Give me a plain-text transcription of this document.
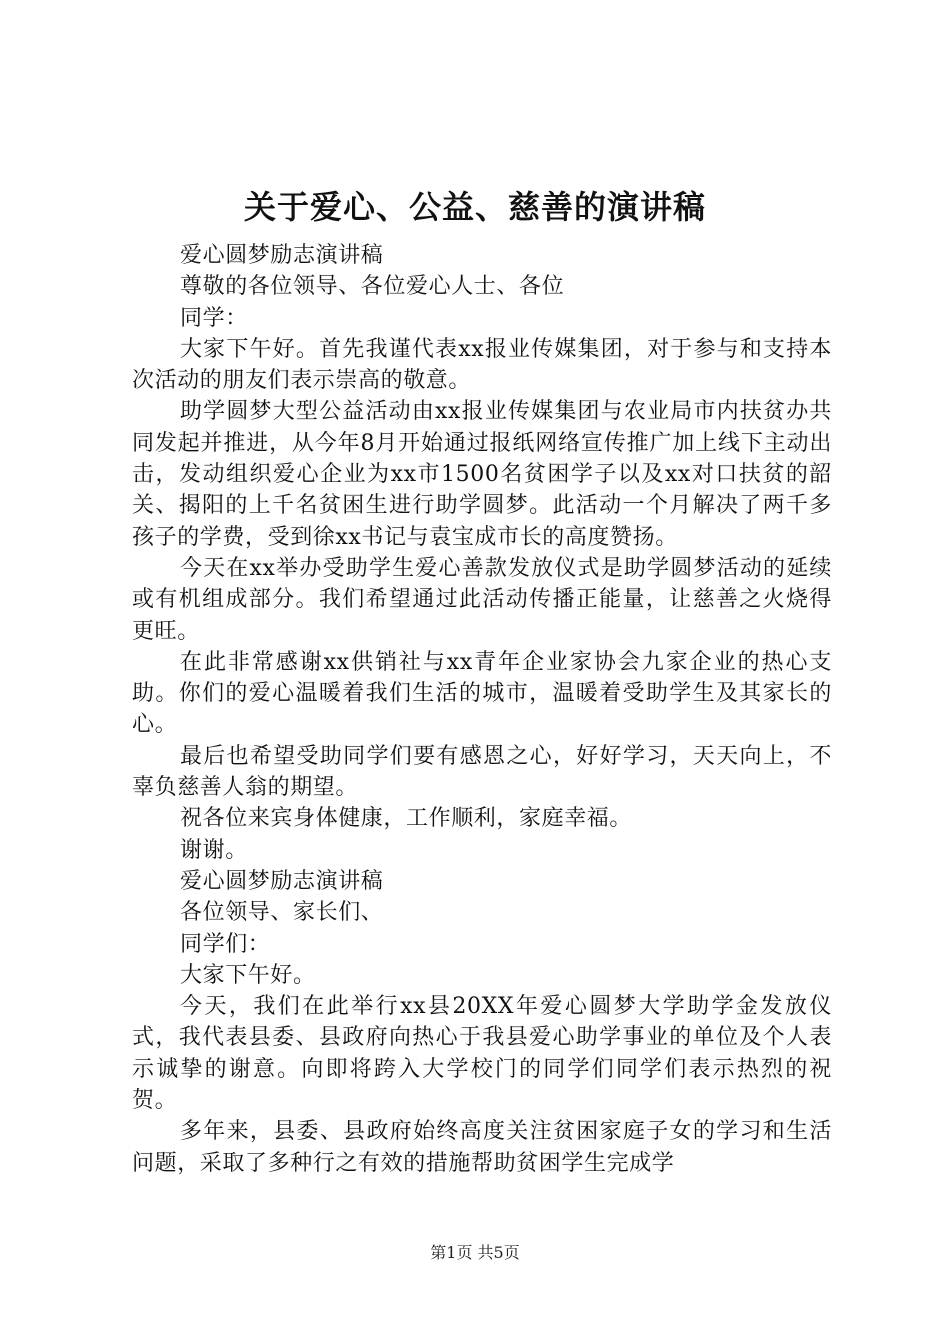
关于爱心、公益、慈善的演讲稿

爱心圆梦励志演讲稿

尊敬的各位领导、各位爱心人士、各位

同学：

大家下午好。首先我谨代表xx报业传媒集团，对于参与和支持本次活动的朋友们表示崇高的敬意。

助学圆梦大型公益活动由xx报业传媒集团与农业局市内扶贫办共同发起并推进，从今年8月开始通过报纸网络宣传推广加上线下主动出击，发动组织爱心企业为xx市1500名贫困学子以及xx对口扶贫的韶关、揭阳的上千名贫困生进行助学圆梦。此活动一个月解决了两千多孩子的学费，受到徐xx书记与袁宝成市长的高度赞扬。

今天在xx举办受助学生爱心善款发放仪式是助学圆梦活动的延续或有机组成部分。我们希望通过此活动传播正能量，让慈善之火烧得更旺。

在此非常感谢xx供销社与xx青年企业家协会九家企业的热心支助。你们的爱心温暖着我们生活的城市，温暖着受助学生及其家长的心。

最后也希望受助同学们要有感恩之心，好好学习，天天向上，不辜负慈善人翁的期望。

祝各位来宾身体健康，工作顺利，家庭幸福。

谢谢。

爱心圆梦励志演讲稿

各位领导、家长们、

同学们：

大家下午好。

今天，我们在此举行xx县20XX年爱心圆梦大学助学金发放仪式，我代表县委、县政府向热心于我县爱心助学事业的单位及个人表示诚挚的谢意。向即将跨入大学校门的同学们同学们表示热烈的祝贺。

多年来，县委、县政府始终高度关注贫困家庭子女的学习和生活问题，采取了多种行之有效的措施帮助贫困学生完成学

第1页 共5页
